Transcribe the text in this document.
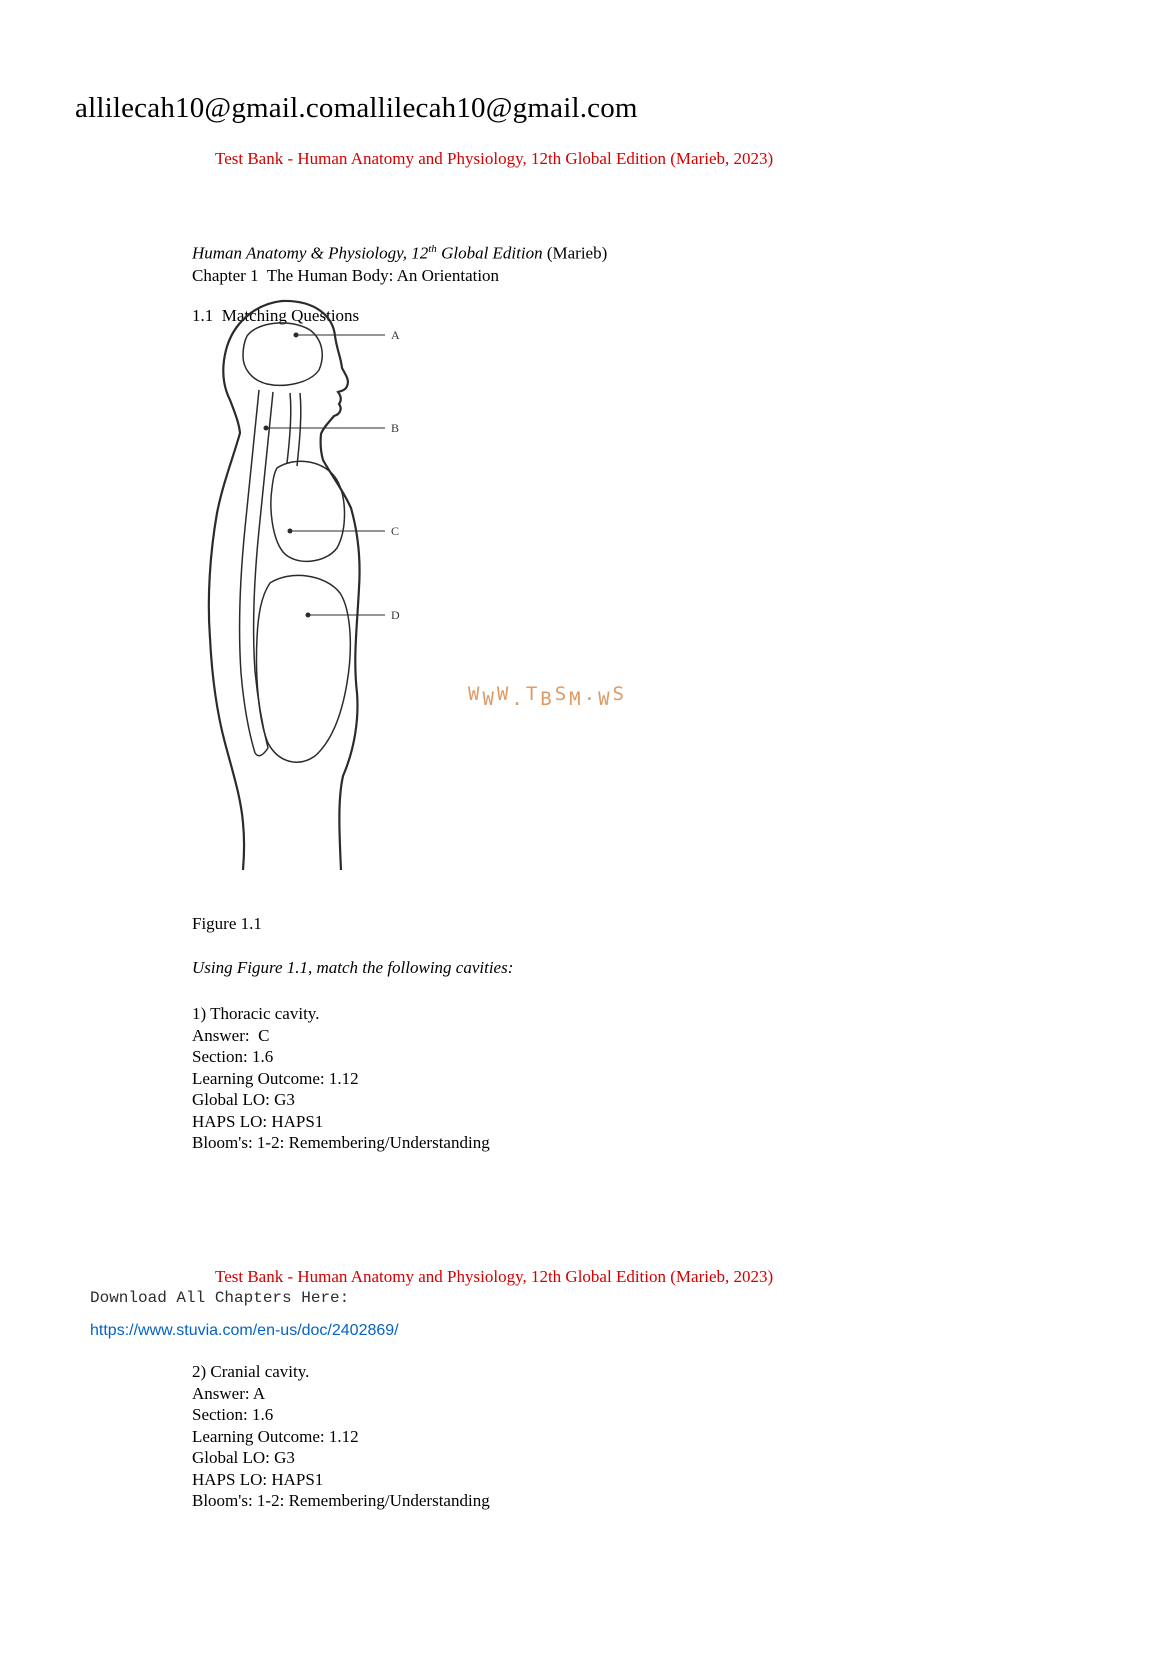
allilecah10@gmail.comallilecah10@gmail.com
Test Bank - Human Anatomy and Physiology, 12th Global Edition (Marieb, 2023)
Human Anatomy & Physiology, 12th Global Edition (Marieb)
Chapter 1  The Human Body: An Orientation
1.1  Matching Questions
A
B
C
D
WWW.TBSM.WS
Figure 1.1
Using Figure 1.1, match the following cavities:
1) Thoracic cavity.
Answer:  C
Section: 1.6
Learning Outcome: 1.12
Global LO: G3
HAPS LO: HAPS1
Bloom's: 1-2: Remembering/Understanding
Test Bank - Human Anatomy and Physiology, 12th Global Edition (Marieb, 2023)
Download All Chapters Here:
https://www.stuvia.com/en-us/doc/2402869/
2) Cranial cavity.
Answer: A
Section: 1.6
Learning Outcome: 1.12
Global LO: G3
HAPS LO: HAPS1
Bloom's: 1-2: Remembering/Understanding
